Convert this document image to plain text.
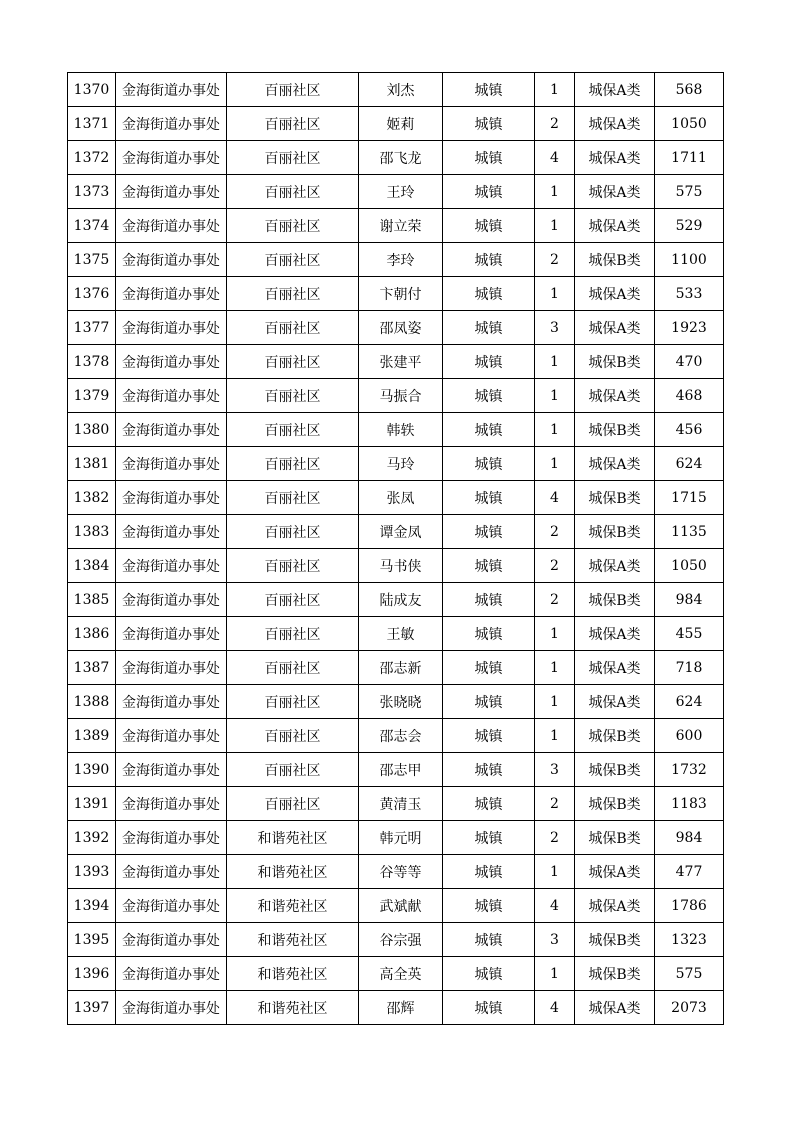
1370	金海街道办事处	百丽社区	刘杰	城镇	1	城保A类	568
1371	金海街道办事处	百丽社区	姬莉	城镇	2	城保A类	1050
1372	金海街道办事处	百丽社区	邵飞龙	城镇	4	城保A类	1711
1373	金海街道办事处	百丽社区	王玲	城镇	1	城保A类	575
1374	金海街道办事处	百丽社区	谢立荣	城镇	1	城保A类	529
1375	金海街道办事处	百丽社区	李玲	城镇	2	城保B类	1100
1376	金海街道办事处	百丽社区	卞朝付	城镇	1	城保A类	533
1377	金海街道办事处	百丽社区	邵凤姿	城镇	3	城保A类	1923
1378	金海街道办事处	百丽社区	张建平	城镇	1	城保B类	470
1379	金海街道办事处	百丽社区	马振合	城镇	1	城保A类	468
1380	金海街道办事处	百丽社区	韩轶	城镇	1	城保B类	456
1381	金海街道办事处	百丽社区	马玲	城镇	1	城保A类	624
1382	金海街道办事处	百丽社区	张凤	城镇	4	城保B类	1715
1383	金海街道办事处	百丽社区	谭金凤	城镇	2	城保B类	1135
1384	金海街道办事处	百丽社区	马书侠	城镇	2	城保A类	1050
1385	金海街道办事处	百丽社区	陆成友	城镇	2	城保B类	984
1386	金海街道办事处	百丽社区	王敏	城镇	1	城保A类	455
1387	金海街道办事处	百丽社区	邵志新	城镇	1	城保A类	718
1388	金海街道办事处	百丽社区	张晓晓	城镇	1	城保A类	624
1389	金海街道办事处	百丽社区	邵志会	城镇	1	城保B类	600
1390	金海街道办事处	百丽社区	邵志甲	城镇	3	城保B类	1732
1391	金海街道办事处	百丽社区	黄清玉	城镇	2	城保B类	1183
1392	金海街道办事处	和谐苑社区	韩元明	城镇	2	城保B类	984
1393	金海街道办事处	和谐苑社区	谷等等	城镇	1	城保A类	477
1394	金海街道办事处	和谐苑社区	武斌献	城镇	4	城保A类	1786
1395	金海街道办事处	和谐苑社区	谷宗强	城镇	3	城保B类	1323
1396	金海街道办事处	和谐苑社区	高全英	城镇	1	城保B类	575
1397	金海街道办事处	和谐苑社区	邵辉	城镇	4	城保A类	2073
